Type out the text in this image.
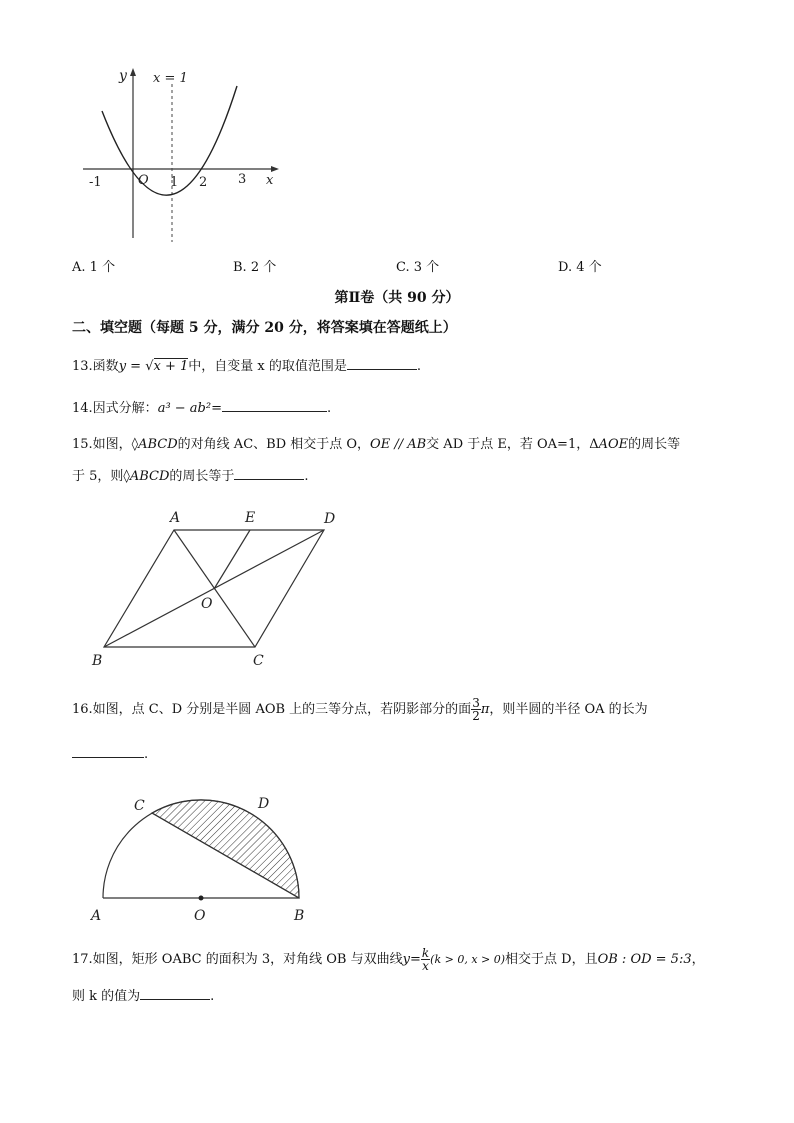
y x = 1
x
O
-1	1 2 3
A. 1 个	B. 2 个	C. 3 个	D. 4 个
第Ⅱ卷（共 90 分）
二、填空题（每题 5 分，满分 20 分，将答案填在答题纸上）
13.函数y = √x + 1中，自变量 x 的取值范围是	.
14.因式分解：a³ − ab²=	.
15.如图，◊ABCD的对角线 AC、BD 相交于点 O，OE // AB交 AD 于点 E，若 OA=1，ΔAOE的周长等
于 5，则◊ABCD的周长等于	.
A	E	D
O
B	C
16.如图，点 C、D 分别是半圆 AOB 上的三等分点，若阴影部分的面 $\frac{3}{2}$ π，则半圆的半径 OA 的长为
.
C	D
A	O	B
17.如图，矩形 OABC 的面积为 3，对角线 OB 与双曲线$y= \frac{k}{x} (k > 0$, x > 0)相交于点 D，且OB : OD = 5:3，
则 k 的值为	.
